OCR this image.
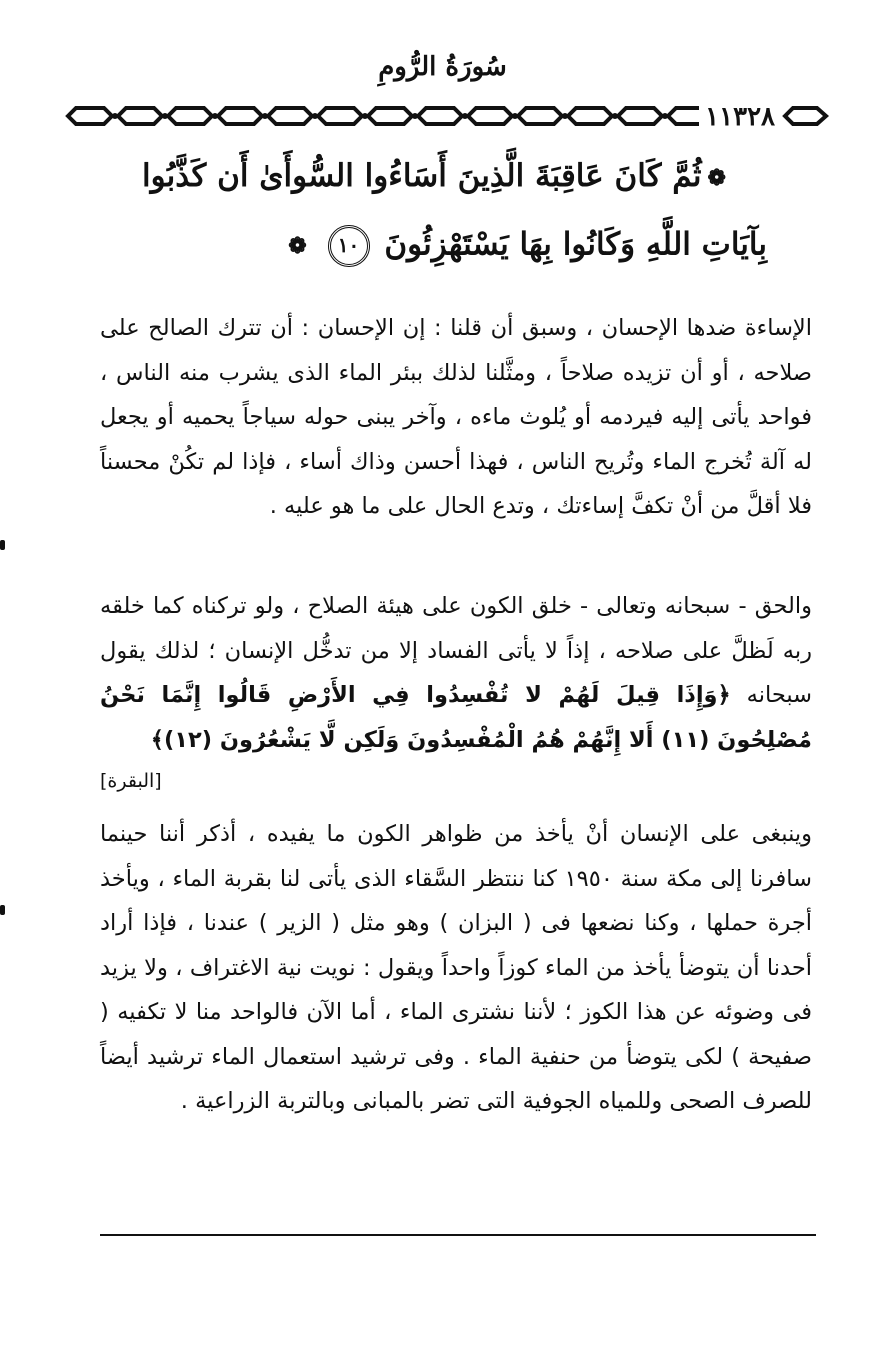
سُورَةُ الرُّومِ
١١٣٢٨
❁ثُمَّ كَانَ عَاقِبَةَ الَّذِينَ أَسَاءُوا السُّوأَىٰ أَن كَذَّبُوا
بِآيَاتِ اللَّهِ وَكَانُوا بِهَا يَسْتَهْزِئُونَ ١٠ ❁
الإساءة ضدها الإحسان ، وسبق أن قلنا : إن الإحسان : أن تترك الصالح على صلاحه ، أو أن تزيده صلاحاً ، ومثَّلنا لذلك ببئر الماء الذى يشرب منه الناس ، فواحد يأتى إليه فيردمه أو يُلوث ماءه ، وآخر يبنى حوله سياجاً يحميه أو يجعل له آلة تُخرج الماء وتُريح الناس ، فهذا أحسن وذاك أساء ، فإذا لم تكُنْ محسناً فلا أقلَّ من أنْ تكفَّ إساءتك ، وتدع الحال على ما هو عليه .
والحق - سبحانه وتعالى - خلق الكون على هيئة الصلاح ، ولو تركناه كما خلقه ربه لَظلَّ على صلاحه ، إذاً لا يأتى الفساد إلا من تدخُّل الإنسان ؛ لذلك يقول سبحانه ﴿وَإِذَا قِيلَ لَهُمْ لا تُفْسِدُوا فِي الأَرْضِ قَالُوا إِنَّمَا نَحْنُ مُصْلِحُونَ (١١) أَلا إِنَّهُمْ هُمُ الْمُفْسِدُونَ وَلَكِن لَّا يَشْعُرُونَ (١٢)﴾
[البقرة]
وينبغى على الإنسان أنْ يأخذ من ظواهر الكون ما يفيده ، أذكر أننا حينما سافرنا إلى مكة سنة ١٩٥٠ كنا ننتظر السَّقاء الذى يأتى لنا بقربة الماء ، ويأخذ أجرة حملها ، وكنا نضعها فى ( البزان ) وهو مثل ( الزير ) عندنا ، فإذا أراد أحدنا أن يتوضأ يأخذ من الماء كوزاً واحداً ويقول : نويت نية الاغتراف ، ولا يزيد فى وضوئه عن هذا الكوز ؛ لأننا نشترى الماء ، أما الآن فالواحد منا لا تكفيه ( صفيحة ) لكى يتوضأ من حنفية الماء . وفى ترشيد استعمال الماء ترشيد أيضاً للصرف الصحى وللمياه الجوفية التى تضر بالمبانى وبالتربة الزراعية .
